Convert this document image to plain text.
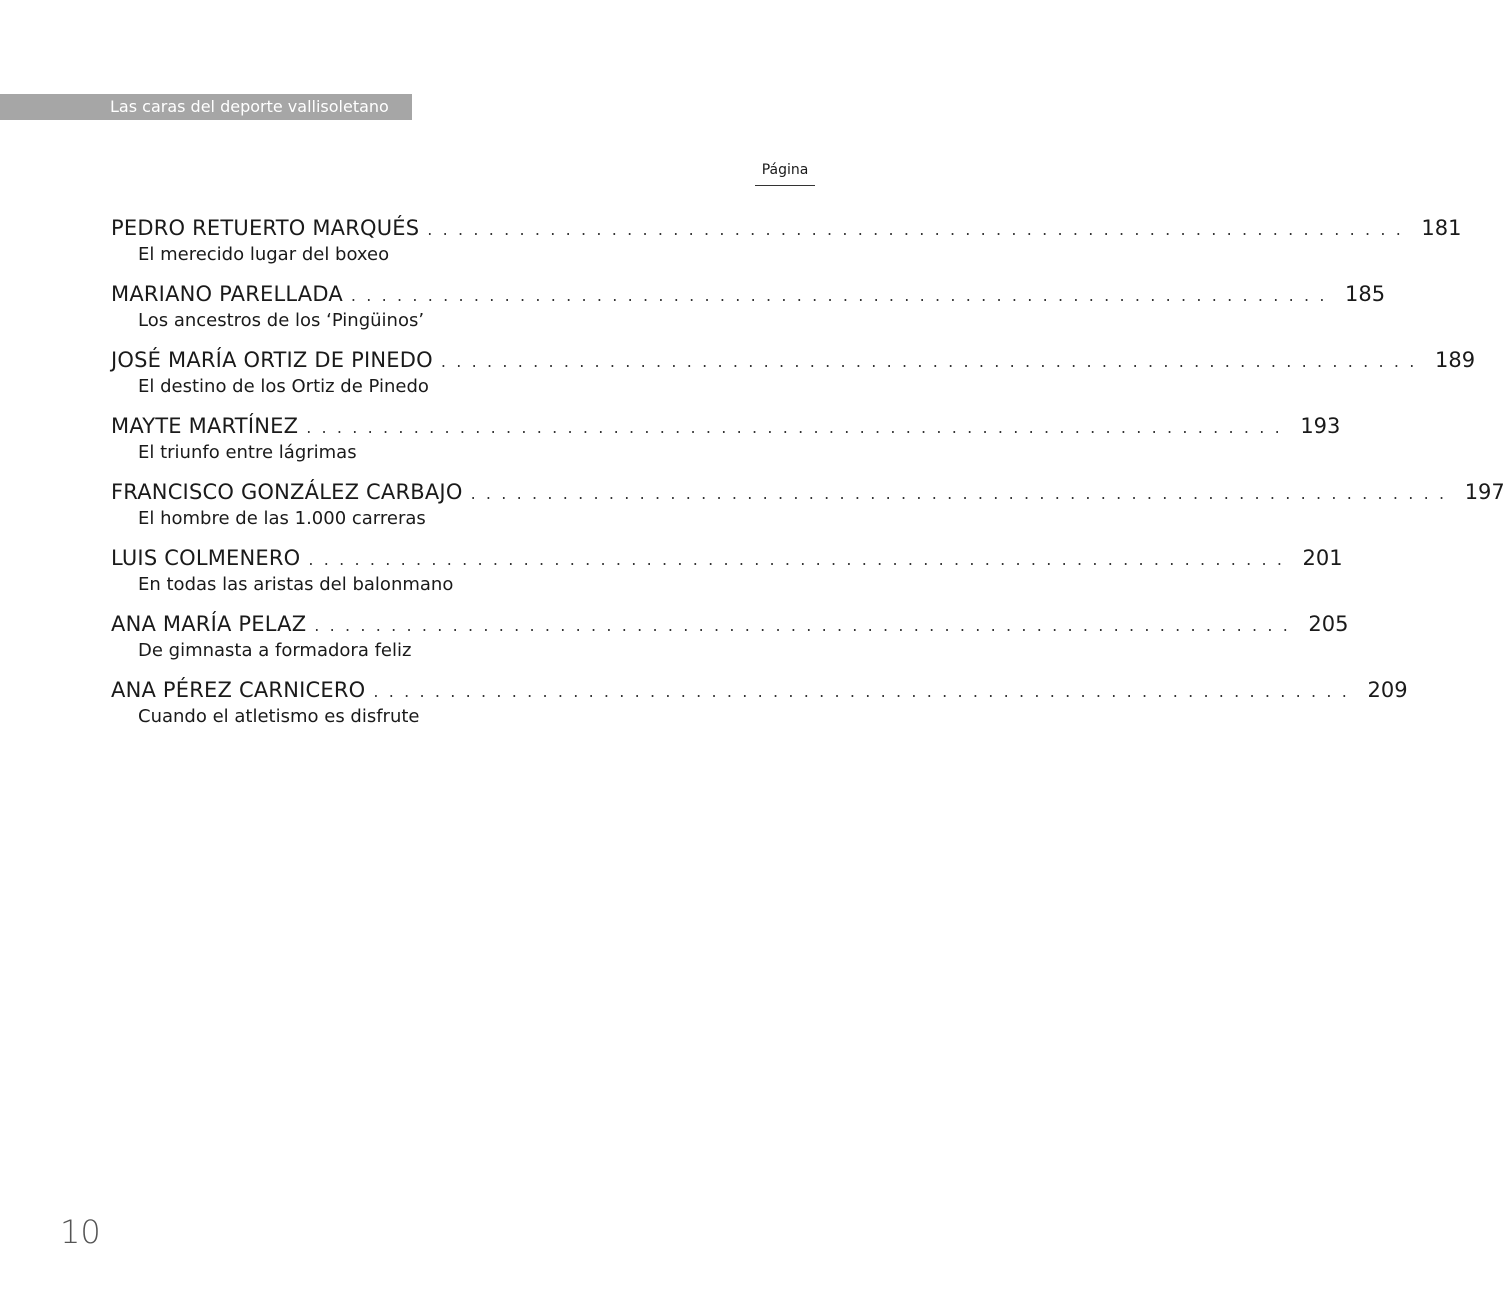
Las caras del deporte vallisoletano
Página
PEDRO RETUERTO MARQUÉS . . . . . . . . . . . . . . . . . . . . . . . . . . . . . . . . . . . . . . . . . . . . . . . . . . . . . . . . . . . . . . . . 181
El merecido lugar del boxeo
MARIANO PARELLADA . . . . . . . . . . . . . . . . . . . . . . . . . . . . . . . . . . . . . . . . . . . . . . . . . . . . . . . . . . . . . . . . 185
Los ancestros de los ‘Pingüinos’
JOSÉ MARÍA ORTIZ DE PINEDO . . . . . . . . . . . . . . . . . . . . . . . . . . . . . . . . . . . . . . . . . . . . . . . . . . . . . . . . . . . . . . . . 189
El destino de los Ortiz de Pinedo
MAYTE MARTÍNEZ . . . . . . . . . . . . . . . . . . . . . . . . . . . . . . . . . . . . . . . . . . . . . . . . . . . . . . . . . . . . . . . . 193
El triunfo entre lágrimas
FRANCISCO GONZÁLEZ CARBAJO . . . . . . . . . . . . . . . . . . . . . . . . . . . . . . . . . . . . . . . . . . . . . . . . . . . . . . . . . . . . . . . . 197
El hombre de las 1.000 carreras
LUIS COLMENERO . . . . . . . . . . . . . . . . . . . . . . . . . . . . . . . . . . . . . . . . . . . . . . . . . . . . . . . . . . . . . . . . 201
En todas las aristas del balonmano
ANA MARÍA PELAZ . . . . . . . . . . . . . . . . . . . . . . . . . . . . . . . . . . . . . . . . . . . . . . . . . . . . . . . . . . . . . . . . 205
De gimnasta a formadora feliz
ANA PÉREZ CARNICERO . . . . . . . . . . . . . . . . . . . . . . . . . . . . . . . . . . . . . . . . . . . . . . . . . . . . . . . . . . . . . . . . 209
Cuando el atletismo es disfrute
10
